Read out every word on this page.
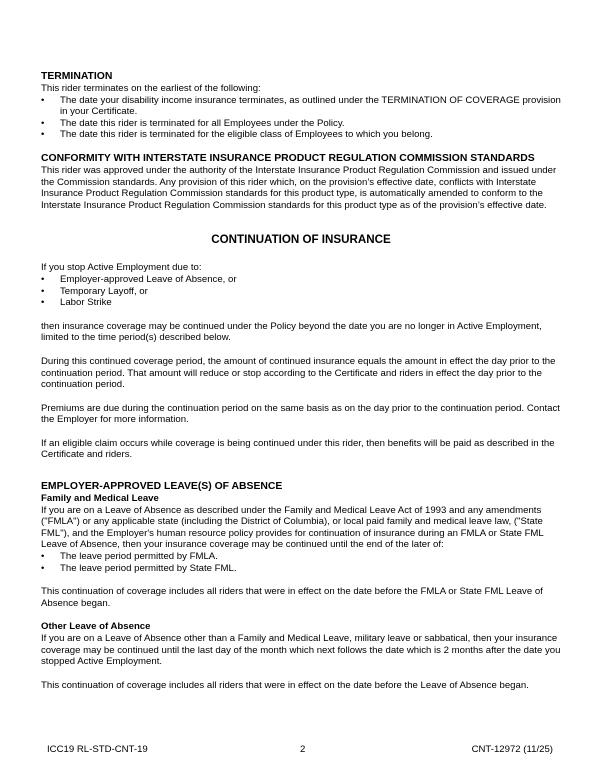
TERMINATION

This rider terminates on the earliest of the following:

• The date your disability income insurance terminates, as outlined under the TERMINATION OF COVERAGE provision in your Certificate.
• The date this rider is terminated for all Employees under the Policy.
• The date this rider is terminated for the eligible class of Employees to which you belong.
CONFORMITY WITH INTERSTATE INSURANCE PRODUCT REGULATION COMMISSION STANDARDS

This rider was approved under the authority of the Interstate Insurance Product Regulation Commission and issued under the Commission standards. Any provision of this rider which, on the provision’s effective date, conflicts with Interstate Insurance Product Regulation Commission standards for this product type, is automatically amended to conform to the Interstate Insurance Product Regulation Commission standards for this product type as of the provision’s effective date.

CONTINUATION OF INSURANCE

If you stop Active Employment due to:

• Employer-approved Leave of Absence, or
• Temporary Layoff, or
• Labor Strike

then insurance coverage may be continued under the Policy beyond the date you are no longer in Active Employment, limited to the time period(s) described below.

During this continued coverage period, the amount of continued insurance equals the amount in effect the day prior to the continuation period. That amount will reduce or stop according to the Certificate and riders in effect the day prior to the continuation period.

Premiums are due during the continuation period on the same basis as on the day prior to the continuation period. Contact the Employer for more information.

If an eligible claim occurs while coverage is being continued under this rider, then benefits will be paid as described in the Certificate and riders.

EMPLOYER-APPROVED LEAVE(S) OF ABSENCE
Family and Medical Leave

If you are on a Leave of Absence as described under the Family and Medical Leave Act of 1993 and any amendments ("FMLA") or any applicable state (including the District of Columbia), or local paid family and medical leave law, ("State FML"), and the Employer's human resource policy provides for continuation of insurance during an FMLA or State FML Leave of Absence, then your insurance coverage may be continued until the end of the later of:

• The leave period permitted by FMLA.
• The leave period permitted by State FML.

This continuation of coverage includes all riders that were in effect on the date before the FMLA or State FML Leave of Absence began.

Other Leave of Absence

If you are on a Leave of Absence other than a Family and Medical Leave, military leave or sabbatical, then your insurance coverage may be continued until the last day of the month which next follows the date which is 2 months after the date you stopped Active Employment.

This continuation of coverage includes all riders that were in effect on the date before the Leave of Absence began.

ICC19 RL-STD-CNT-19	2	CNT-12972 (11/25)
